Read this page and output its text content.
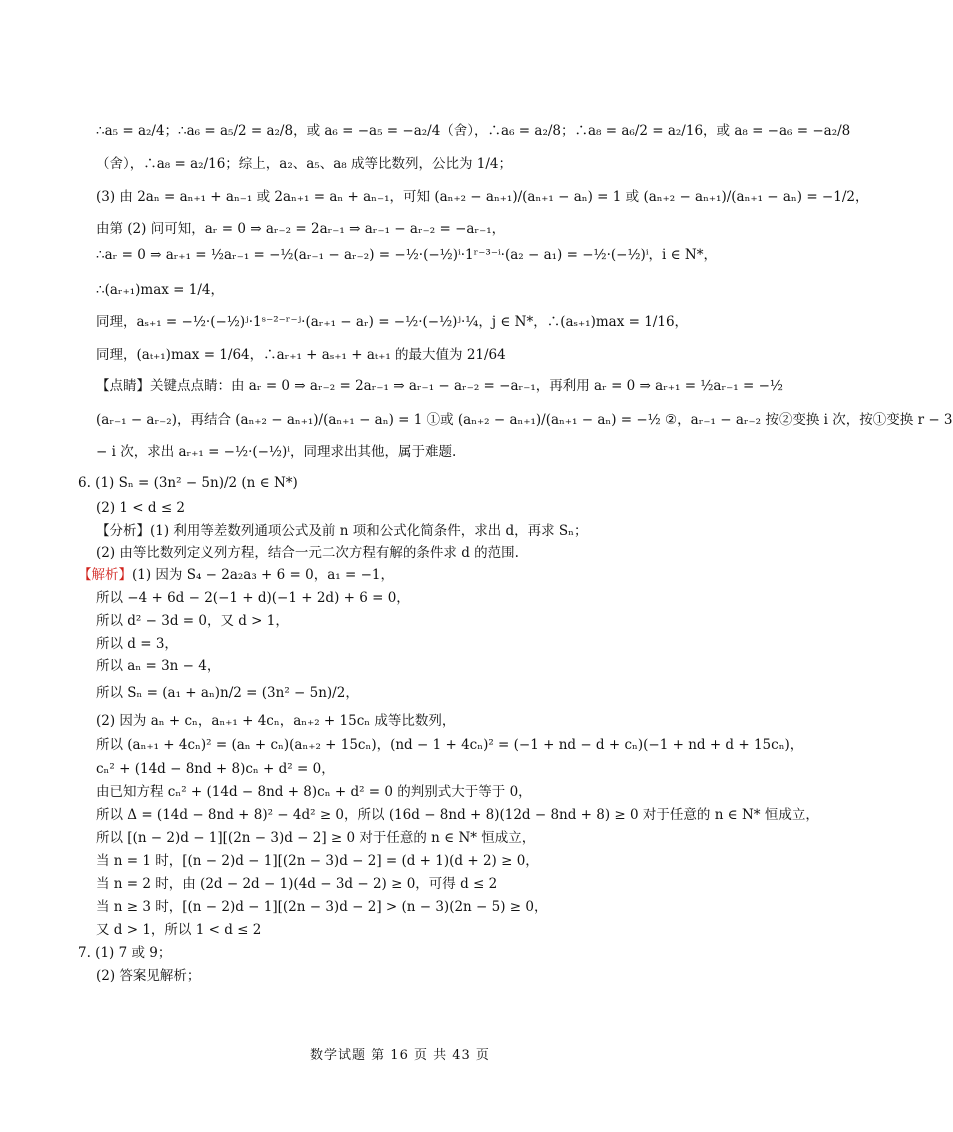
∴a₅ = a₂/4；∴a₆ = a₅/2 = a₂/8，或 a₆ = −a₅ = −a₂/4（舍），∴a₆ = a₂/8；∴a₈ = a₆/2 = a₂/16，或 a₈ = −a₆ = −a₂/8
（舍），∴a₈ = a₂/16；综上，a₂、a₅、a₈ 成等比数列，公比为 1/4；
(3) 由 2aₙ = aₙ₊₁ + aₙ₋₁ 或 2aₙ₊₁ = aₙ + aₙ₋₁，可知 (aₙ₊₂ − aₙ₊₁)/(aₙ₊₁ − aₙ) = 1 或 (aₙ₊₂ − aₙ₊₁)/(aₙ₊₁ − aₙ) = −1/2，
由第 (2) 问可知，aᵣ = 0 ⇒ aᵣ₋₂ = 2aᵣ₋₁ ⇒ aᵣ₋₁ − aᵣ₋₂ = −aᵣ₋₁，
∴aᵣ = 0 ⇒ aᵣ₊₁ = ½aᵣ₋₁ = −½(aᵣ₋₁ − aᵣ₋₂) = −½·(−½)ⁱ·1ʳ⁻³⁻ⁱ·(a₂ − a₁) = −½·(−½)ⁱ，i ∈ N*，
∴(aᵣ₊₁)max = 1/4，
同理，aₛ₊₁ = −½·(−½)ʲ·1ˢ⁻²⁻ʳ⁻ʲ·(aᵣ₊₁ − aᵣ) = −½·(−½)ʲ·¼，j ∈ N*，∴(aₛ₊₁)max = 1/16，
同理，(aₜ₊₁)max = 1/64，∴aᵣ₊₁ + aₛ₊₁ + aₜ₊₁ 的最大值为 21/64
【点睛】关键点点睛：由 aᵣ = 0 ⇒ aᵣ₋₂ = 2aᵣ₋₁ ⇒ aᵣ₋₁ − aᵣ₋₂ = −aᵣ₋₁，再利用 aᵣ = 0 ⇒ aᵣ₊₁ = ½aᵣ₋₁ = −½
(aᵣ₋₁ − aᵣ₋₂)，再结合 (aₙ₊₂ − aₙ₊₁)/(aₙ₊₁ − aₙ) = 1 ①或 (aₙ₊₂ − aₙ₊₁)/(aₙ₊₁ − aₙ) = −½ ②，aᵣ₋₁ − aᵣ₋₂ 按②变换 i 次，按①变换 r − 3
− i 次，求出 aᵣ₊₁ = −½·(−½)ⁱ，同理求出其他，属于难题.
6. (1) Sₙ = (3n² − 5n)/2 (n ∈ N*)
(2) 1 < d ≤ 2
【分析】(1) 利用等差数列通项公式及前 n 项和公式化简条件，求出 d，再求 Sₙ；
(2) 由等比数列定义列方程，结合一元二次方程有解的条件求 d 的范围.
【解析】(1) 因为 S₄ − 2a₂a₃ + 6 = 0，a₁ = −1，
所以 −4 + 6d − 2(−1 + d)(−1 + 2d) + 6 = 0，
所以 d² − 3d = 0，又 d > 1，
所以 d = 3，
所以 aₙ = 3n − 4，
所以 Sₙ = (a₁ + aₙ)n/2 = (3n² − 5n)/2，
(2) 因为 aₙ + cₙ，aₙ₊₁ + 4cₙ，aₙ₊₂ + 15cₙ 成等比数列，
所以 (aₙ₊₁ + 4cₙ)² = (aₙ + cₙ)(aₙ₊₂ + 15cₙ)，(nd − 1 + 4cₙ)² = (−1 + nd − d + cₙ)(−1 + nd + d + 15cₙ)，
cₙ² + (14d − 8nd + 8)cₙ + d² = 0，
由已知方程 cₙ² + (14d − 8nd + 8)cₙ + d² = 0 的判别式大于等于 0，
所以 Δ = (14d − 8nd + 8)² − 4d² ≥ 0，所以 (16d − 8nd + 8)(12d − 8nd + 8) ≥ 0 对于任意的 n ∈ N* 恒成立，
所以 [(n − 2)d − 1][(2n − 3)d − 2] ≥ 0 对于任意的 n ∈ N* 恒成立，
当 n = 1 时，[(n − 2)d − 1][(2n − 3)d − 2] = (d + 1)(d + 2) ≥ 0，
当 n = 2 时，由 (2d − 2d − 1)(4d − 3d − 2) ≥ 0，可得 d ≤ 2
当 n ≥ 3 时，[(n − 2)d − 1][(2n − 3)d − 2] > (n − 3)(2n − 5) ≥ 0，
又 d > 1，所以 1 < d ≤ 2
7. (1) 7 或 9；
(2) 答案见解析；
数学试题 第 16 页 共 43 页
